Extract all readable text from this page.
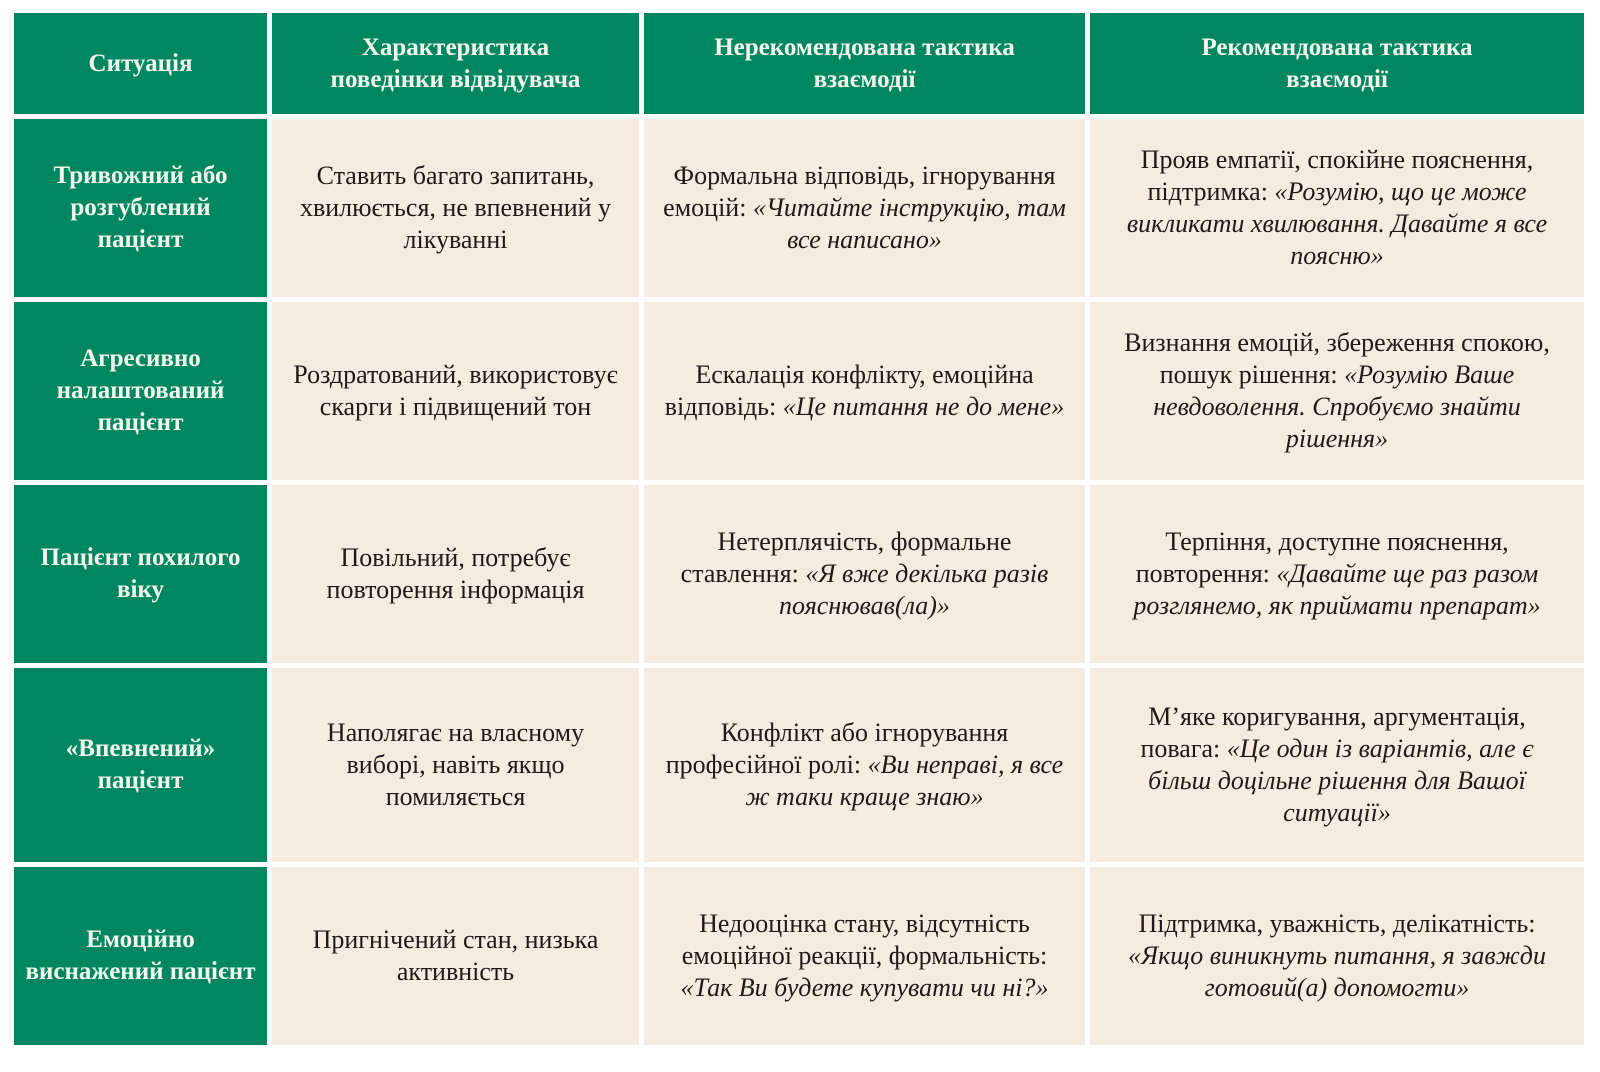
Ситуація
Характеристика поведінки відвідувача
Нерекомендована тактика взаємодії
Рекомендована тактика взаємодії
Тривожний або розгублений пацієнт
Ставить багато запитань, хвилюється, не впевнений у лікуванні
Формальна відповідь, ігнорування емоцій: «Читайте інструкцію, там все написано»
Прояв емпатії, спокійне пояснення, підтримка: «Розумію, що це може викликати хвилювання. Давайте я все поясню»
Агресивно налаштований пацієнт
Роздратований, використовує скарги і підвищений тон
Ескалація конфлікту, емоційна відповідь: «Це питання не до мене»
Визнання емоцій, збереження спокою, пошук рішення: «Розумію Ваше невдоволення. Спробуємо знайти рішення»
Пацієнт похилого віку
Повільний, потребує повторення інформація
Нетерплячість, формальне ставлення: «Я вже декілька разів пояснював(ла)»
Терпіння, доступне пояснення, повторення: «Давайте ще раз разом розглянемо, як приймати препарат»
«Впевнений» пацієнт
Наполягає на власному виборі, навіть якщо помиляється
Конфлікт або ігнорування професійної ролі: «Ви неправі, я все ж таки краще знаю»
М’яке коригування, аргументація, повага: «Це один із варіантів, але є більш доцільне рішення для Вашої ситуації»
Емоційно виснажений пацієнт
Пригнічений стан, низька активність
Недооцінка стану, відсутність емоційної реакції, формальність: «Так Ви будете купувати чи ні?»
Підтримка, уважність, делікатність: «Якщо виникнуть питання, я завжди готовий(а) допомогти»
